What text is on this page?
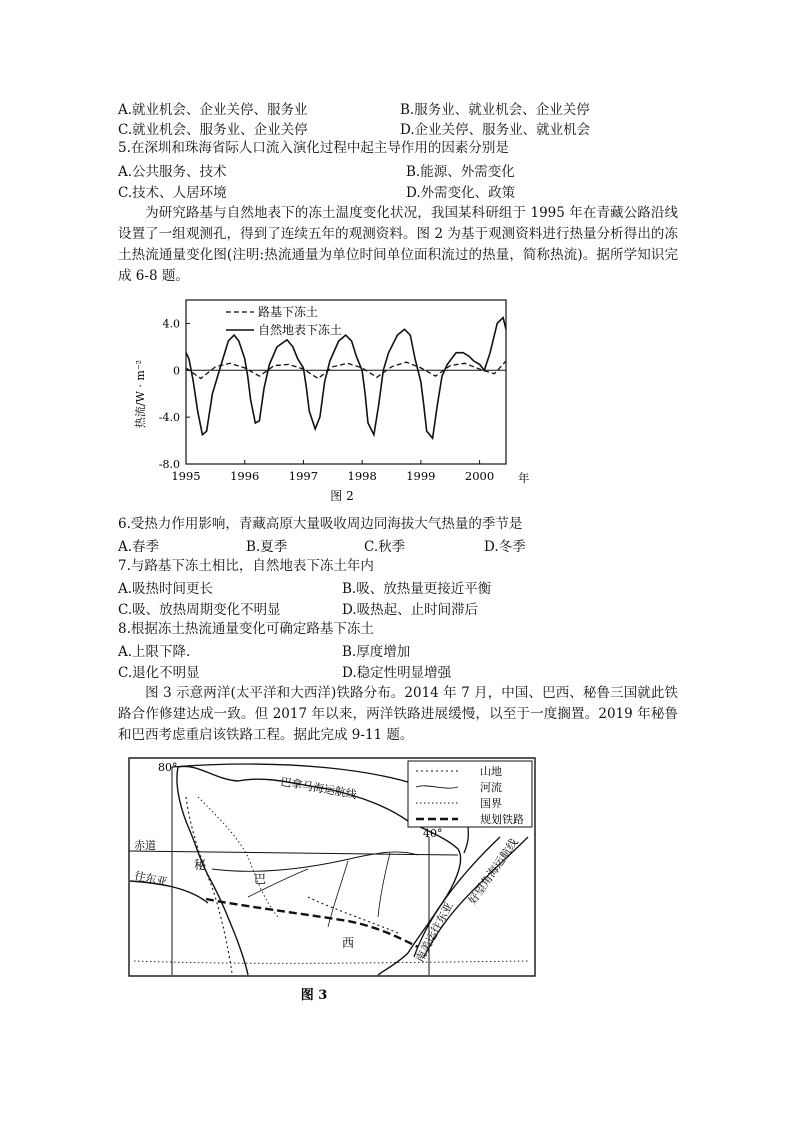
A.就业机会、企业关停、服务业	B.服务业、就业机会、企业关停
C.就业机会、服务业、企业关停	D.企业关停、服务业、就业机会
5.在深圳和珠海省际人口流入演化过程中起主导作用的因素分别是
A.公共服务、技术	B.能源、外需变化
C.技术、人居环境	D.外需变化、政策
为研究路基与自然地表下的冻土温度变化状况，我国某科研组于 1995 年在青藏公路沿线设置了一组观测孔，得到了连续五年的观测资料。图 2 为基于观测资料进行热量分析得出的冻土热流通量变化图(注明:热流通量为单位时间单位面积流过的热量，简称热流)。据所学知识完成 6-8 题。
4.0
0
-4.0
-8.0
1995	1996	1997	1998	1999	2000
路基下冻土
自然地表下冻土
热流/W · m⁻²
年
图 2
6.受热力作用影响，青藏高原大量吸收周边同海拔大气热量的季节是
A.春季	B.夏季	C.秋季	D.冬季
7.与路基下冻土相比，自然地表下冻土年内
A.吸热时间更长	B.吸、放热量更接近平衡
C.吸、放热周期变化不明显	D.吸热起、止时间滞后
8.根据冻土热流通量变化可确定路基下冻土
A.上限下降.	B.厚度增加
C.退化不明显	D.稳定性明显增强
图 3 示意两洋(太平洋和大西洋)铁路分布。2014 年 7 月，中国、巴西、秘鲁三国就此铁路合作修建达成一致。但 2017 年以来，两洋铁路进展缓慢，以至于一度搁置。2019 年秘鲁和巴西考虑重启该铁路工程。据此完成 9-11 题。
80°
40°
赤道
巴拿马海运航线
往东亚	好望角海运航线
南美运往东亚
秘
巴
西
山地
河流
国界
规划铁路
图 3
